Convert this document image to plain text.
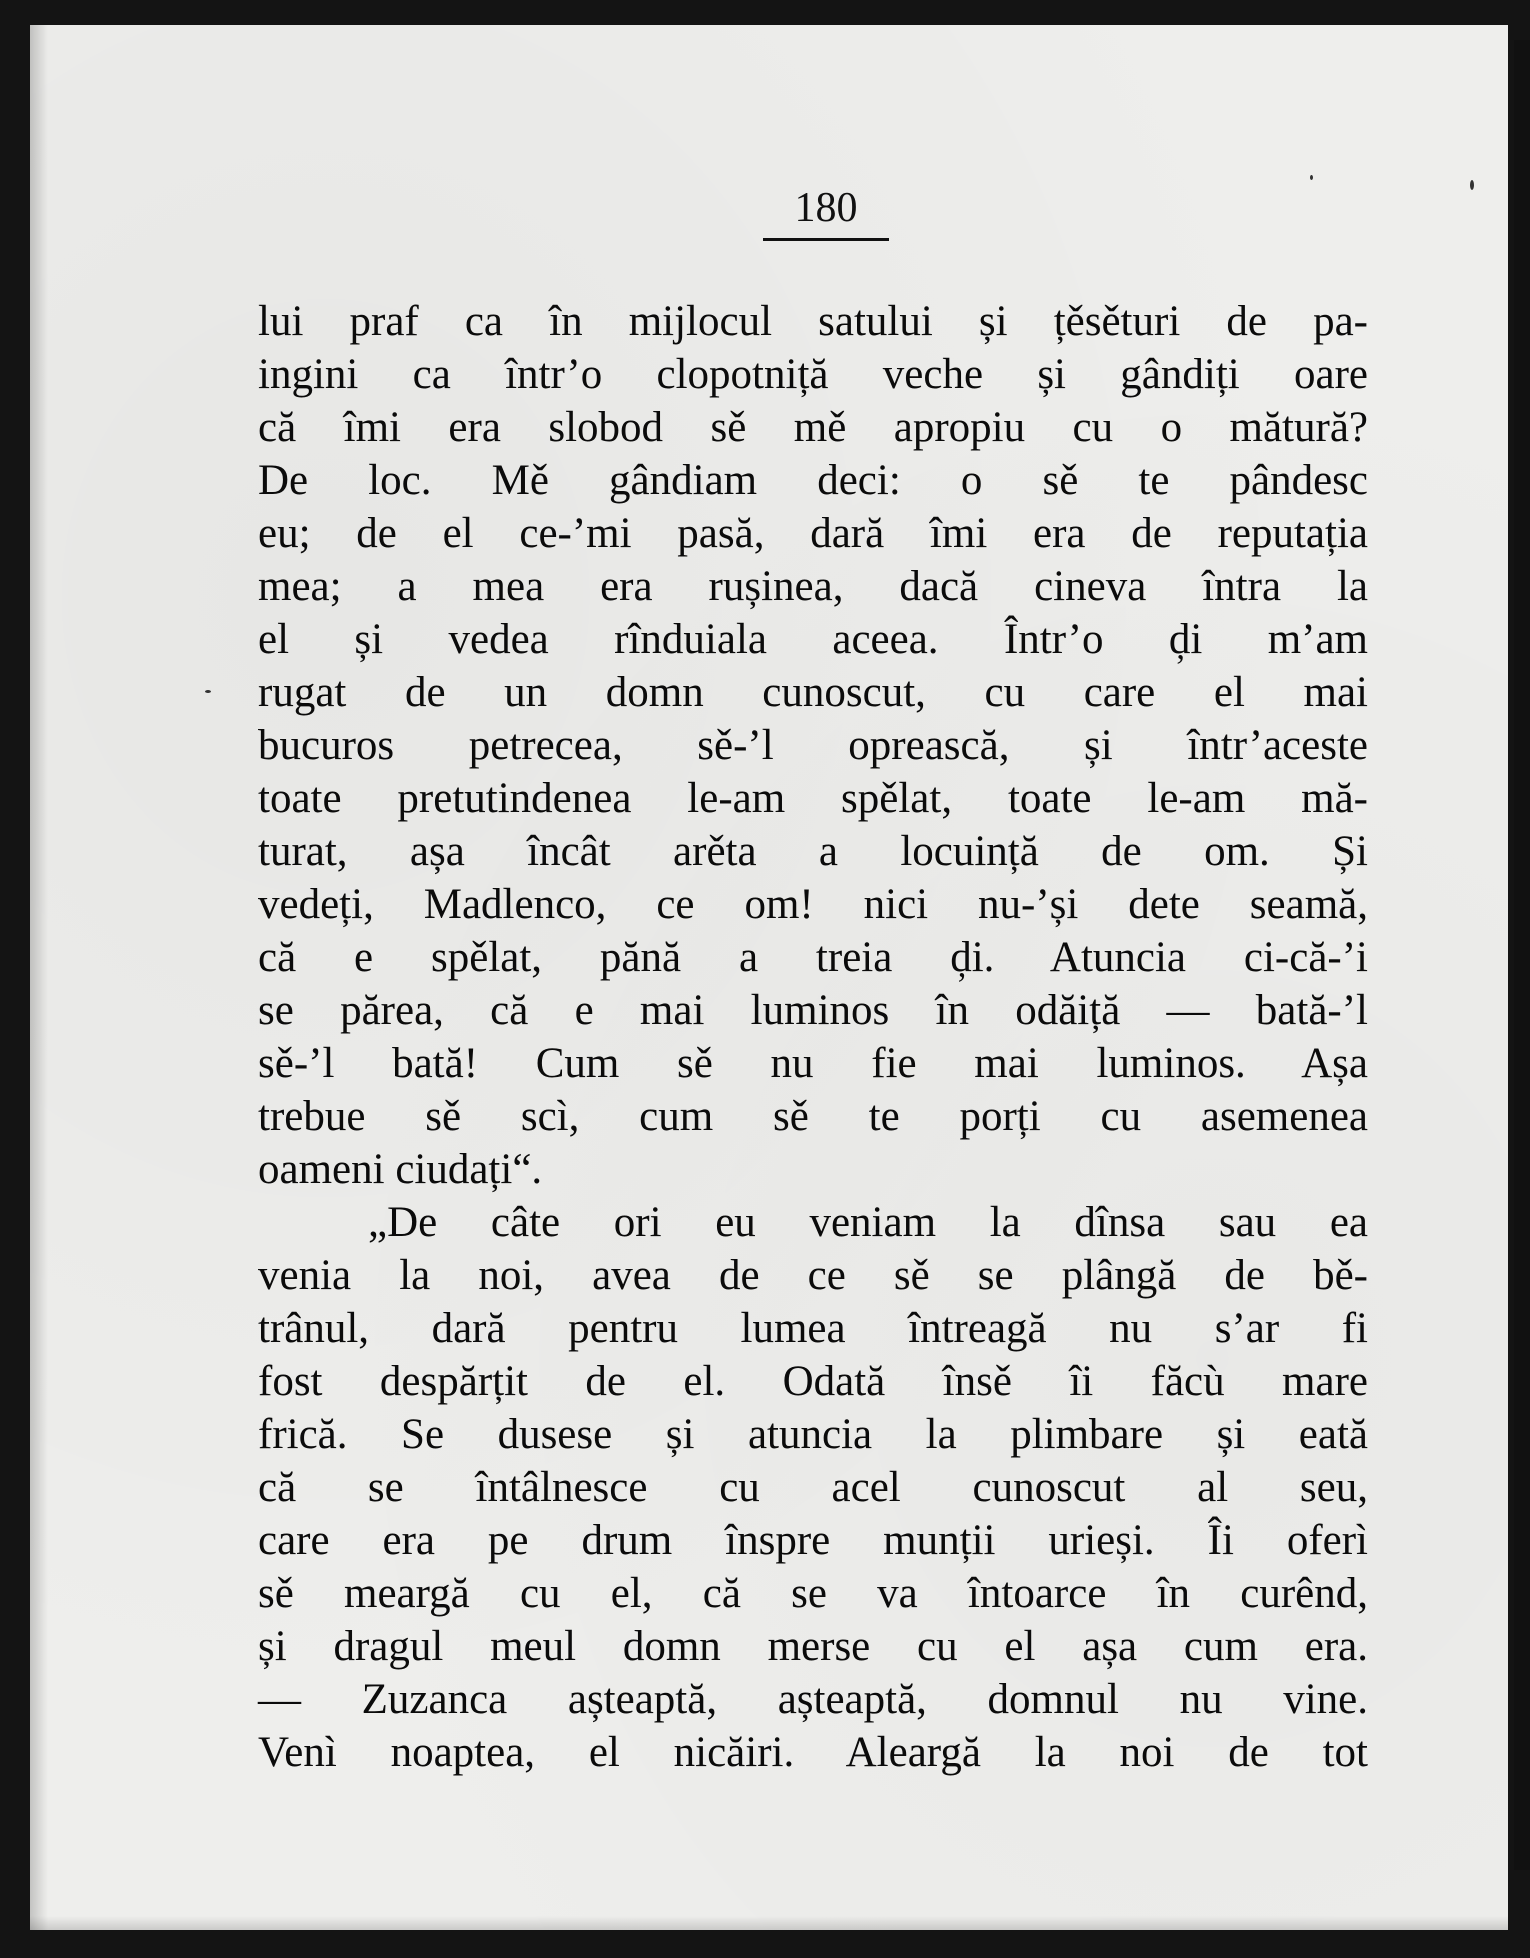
180
lui praf ca în mijlocul satului și țěsěturi de pa-
ingini ca într’o clopotniță veche și gândiți oare
că îmi era slobod sě mě apropiu cu o mătură?
De loc. Mě gândiam deci: o sě te pândesc
eu; de el ce-’mi pasă, dară îmi era de reputația
mea; a mea era rușinea, dacă cineva întra la
el și vedea rînduiala aceea. Într’o ḑi m’am
rugat de un domn cunoscut, cu care el mai
bucuros petrecea, sě-’l oprească, și într’aceste
toate pretutindenea le-am spělat, toate le-am mă-
turat, așa încât arěta a locuință de om. Și
vedeți, Madlenco, ce om! nici nu-’și dete seamă,
că e spělat, pănă a treia ḑi. Atuncia ci-că-’i
se părea, că e mai luminos în odăiță — bată-’l
sě-’l bată! Cum sě nu fie mai luminos. Așa
trebue sě scì, cum sě te porți cu asemenea
oameni ciudați“.
„De câte ori eu veniam la dînsa sau ea
venia la noi, avea de ce sě se plângă de bě-
trânul, dară pentru lumea întreagă nu s’ar fi
fost despărțit de el. Odată însě îi făcù mare
frică. Se dusese și atuncia la plimbare și eată
că se întâlnesce cu acel cunoscut al seu,
care era pe drum înspre munții urieși. Îi oferì
sě meargă cu el, că se va întoarce în curênd,
și dragul meul domn merse cu el așa cum era.
— Zuzanca așteaptă, așteaptă, domnul nu vine.
Venì noaptea, el nicăiri. Aleargă la noi de tot
